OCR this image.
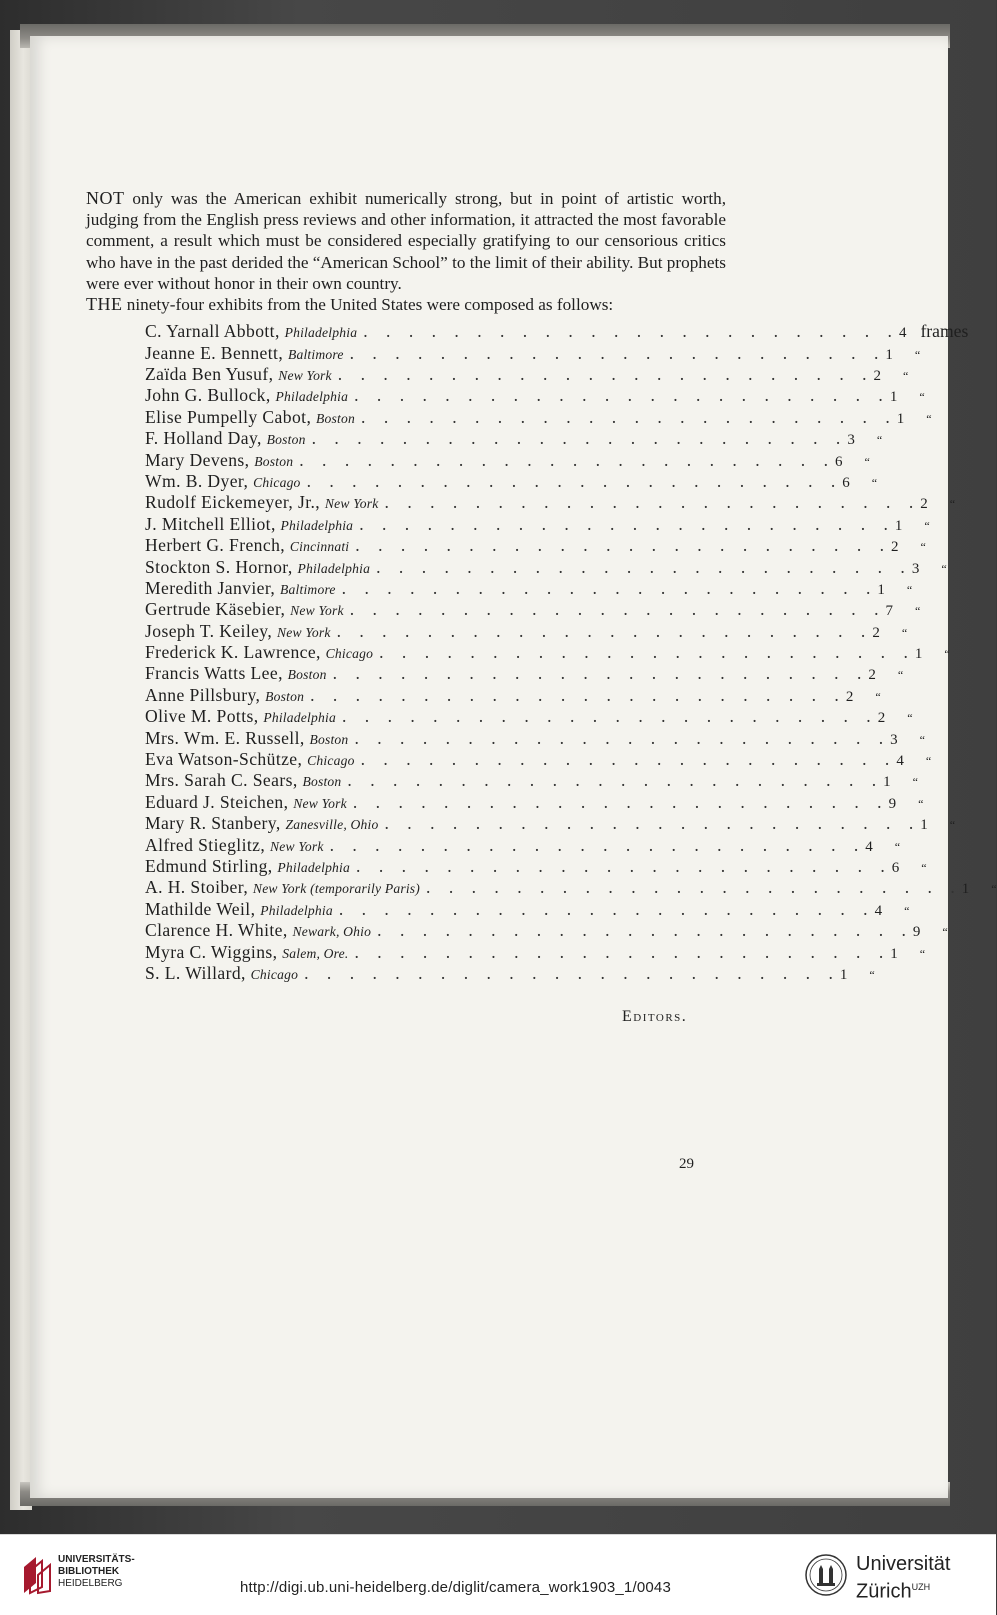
NOT only was the American exhibit numerically strong, but in point of artistic worth, judging from the English press reviews and other information, it attracted the most favorable comment, a result which must be considered especially gratifying to our censorious critics who have in the past derided the “American School” to the limit of their ability. But prophets were ever without honor in their own country.

THE ninety-four exhibits from the United States were composed as follows:

C. Yarnall Abbott, Philadelphia . . . . . . . . . . . . . . . . . . . . . . . . 4 frames
Jeanne E. Bennett, Baltimore . . . . . . . . . . . . . . . . . . . . . . . . 1	“
Zaïda Ben Yusuf, New York . . . . . . . . . . . . . . . . . . . . . . . . 2	“
John G. Bullock, Philadelphia . . . . . . . . . . . . . . . . . . . . . . . . 1	“
Elise Pumpelly Cabot, Boston . . . . . . . . . . . . . . . . . . . . . . . . 1	“
F. Holland Day, Boston . . . . . . . . . . . . . . . . . . . . . . . . 3	“
Mary Devens, Boston . . . . . . . . . . . . . . . . . . . . . . . . 6	“
Wm. B. Dyer, Chicago . . . . . . . . . . . . . . . . . . . . . . . . 6	“
Rudolf Eickemeyer, Jr., New York . . . . . . . . . . . . . . . . . . . . . . . . 2	“
J. Mitchell Elliot, Philadelphia . . . . . . . . . . . . . . . . . . . . . . . . 1	“
Herbert G. French, Cincinnati . . . . . . . . . . . . . . . . . . . . . . . . 2	“
Stockton S. Hornor, Philadelphia . . . . . . . . . . . . . . . . . . . . . . . . 3	“
Meredith Janvier, Baltimore . . . . . . . . . . . . . . . . . . . . . . . . 1	“
Gertrude Käsebier, New York . . . . . . . . . . . . . . . . . . . . . . . . 7	“
Joseph T. Keiley, New York . . . . . . . . . . . . . . . . . . . . . . . . 2	“
Frederick K. Lawrence, Chicago . . . . . . . . . . . . . . . . . . . . . . . . 1	“
Francis Watts Lee, Boston . . . . . . . . . . . . . . . . . . . . . . . . 2	“
Anne Pillsbury, Boston . . . . . . . . . . . . . . . . . . . . . . . . 2	“
Olive M. Potts, Philadelphia . . . . . . . . . . . . . . . . . . . . . . . . 2	“
Mrs. Wm. E. Russell, Boston . . . . . . . . . . . . . . . . . . . . . . . . 3	“
Eva Watson-Schütze, Chicago . . . . . . . . . . . . . . . . . . . . . . . . 4	“
Mrs. Sarah C. Sears, Boston . . . . . . . . . . . . . . . . . . . . . . . . 1	“
Eduard J. Steichen, New York . . . . . . . . . . . . . . . . . . . . . . . . 9	“
Mary R. Stanbery, Zanesville, Ohio . . . . . . . . . . . . . . . . . . . . . . . . 1	“
Alfred Stieglitz, New York . . . . . . . . . . . . . . . . . . . . . . . . 4	“
Edmund Stirling, Philadelphia . . . . . . . . . . . . . . . . . . . . . . . . 6	“
A. H. Stoiber, New York (temporarily Paris) . . . . . . . . . . . . . . . . . . . . . . . . 1	“
Mathilde Weil, Philadelphia . . . . . . . . . . . . . . . . . . . . . . . . 4	“
Clarence H. White, Newark, Ohio . . . . . . . . . . . . . . . . . . . . . . . . 9	“
Myra C. Wiggins, Salem, Ore. . . . . . . . . . . . . . . . . . . . . . . . . 1	“
S. L. Willard, Chicago . . . . . . . . . . . . . . . . . . . . . . . . 1	“
Editors.
29
UNIVERSITÄTS-
BIBLIOTHEK
HEIDELBERG	http://digi.ub.uni-heidelberg.de/diglit/camera_work1903_1/0043
Universität
Zürich$^{UZH}$
